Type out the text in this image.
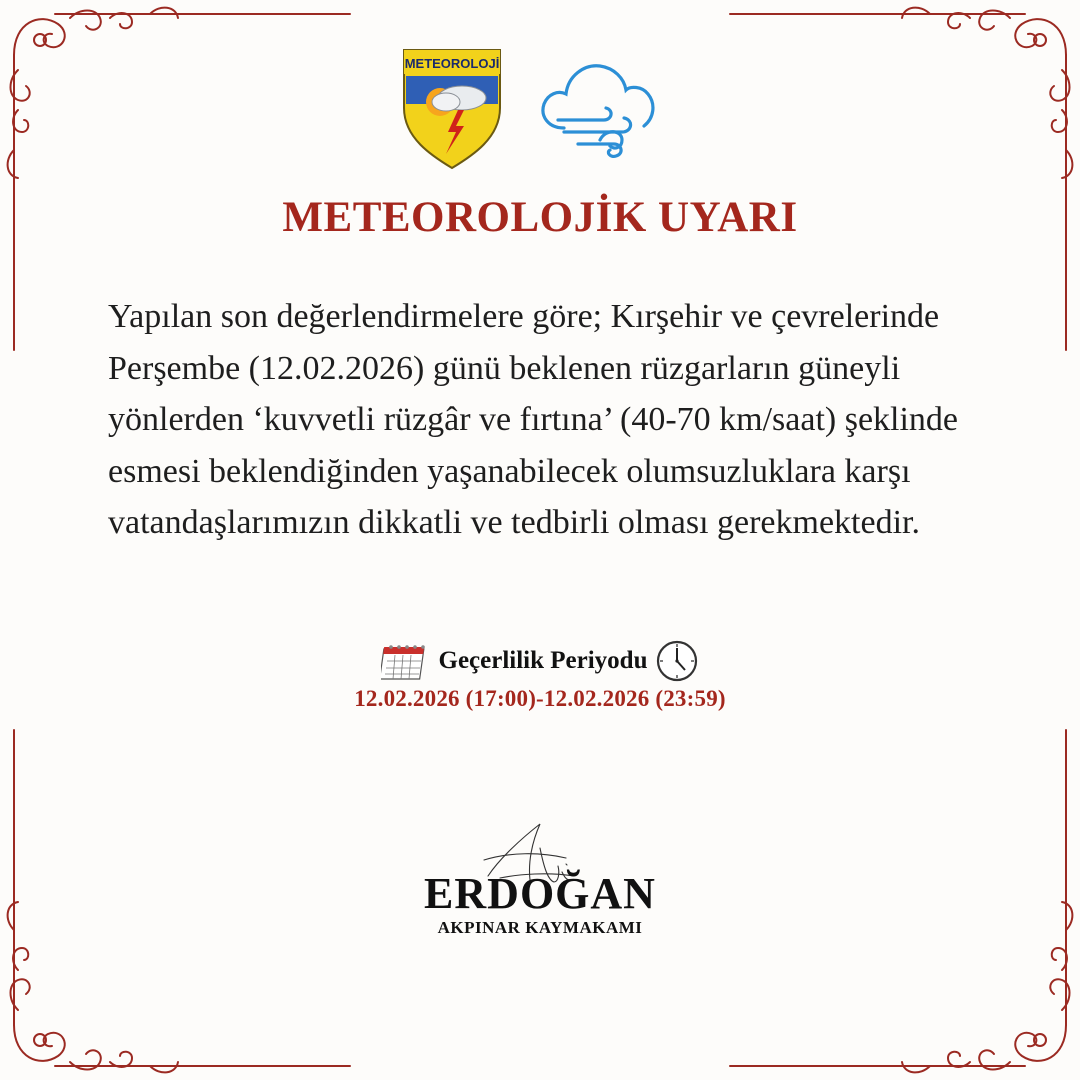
METEOROLOJİ
METEOROLOJİK UYARI

Yapılan son değerlendirmelere göre; Kırşehir ve çevrelerinde Perşembe (12.02.2026) günü beklenen rüzgarların güneyli yönlerden ‘kuvvetli rüzgâr ve fırtına’ (40-70 km/saat) şeklinde esmesi beklendiğinden yaşanabilecek olumsuzluklara karşı vatandaşlarımızın dikkatli ve tedbirli olması gerekmektedir.

Geçerlilik Periyodu
12.02.2026 (17:00)-12.02.2026 (23:59)
ERDOĞAN
AKPINAR KAYMAKAMI
